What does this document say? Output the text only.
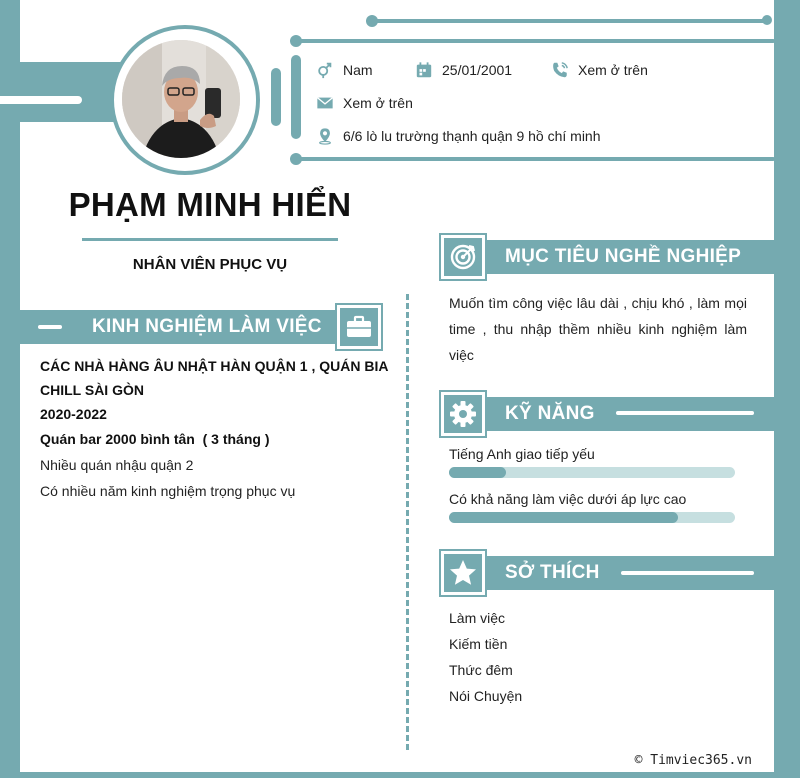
Nam	25/01/2001	Xem ở trên
Xem ở trên
6/6 lò lu trường thạnh quận 9 hồ chí minh
PHẠM MINH HIỂN
NHÂN VIÊN PHỤC VỤ
KINH NGHIỆM LÀM VIỆC
CÁC NHÀ HÀNG ÂU NHẬT HÀN QUẬN 1 , QUÁN BIA
CHILL SÀI GÒN
2020-2022
Quán bar 2000 bình tân  ( 3 tháng )
Nhiều quán nhậu quận 2
Có nhiều năm kinh nghiệm trọng phục vụ
MỤC TIÊU NGHỀ NGHIỆP
Muốn tìm công việc lâu dài , chịu khó , làm mọi time , thu nhập thềm nhiều kinh nghiệm làm việc
KỸ NĂNG
Tiếng Anh giao tiếp yếu
Có khả năng làm việc dưới áp lực cao
SỞ THÍCH
Làm việc
Kiếm tiền
Thức đêm
Nói Chuyện
© Timviec365.vn
